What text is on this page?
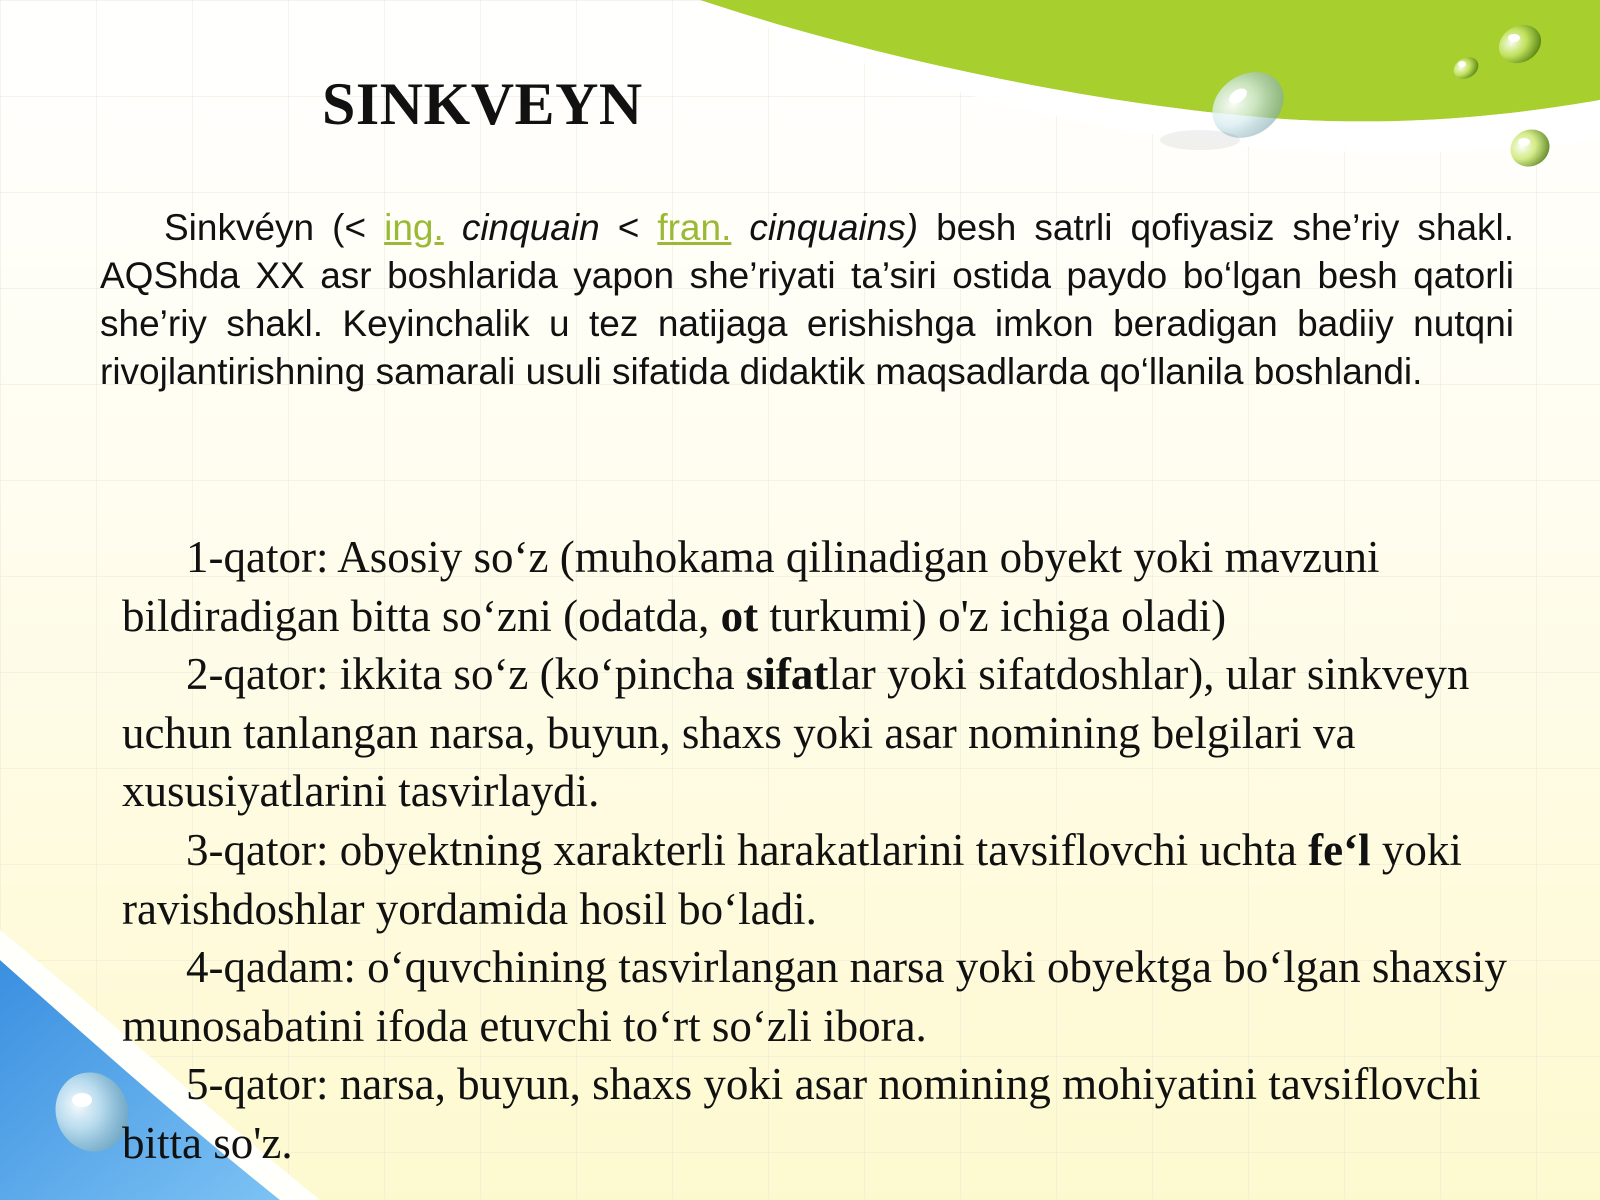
SINKVEYN

Sinkvéyn (< ing. cinquain < fran. cinquains) besh satrli qofiyasiz she’riy shakl. AQShda XX asr boshlarida yapon she’riyati ta’siri ostida paydo bo‘lgan besh qatorli she’riy shakl. Keyinchalik u tez natijaga erishishga imkon beradigan badiiy nutqni rivojlantirishning samarali usuli sifatida didaktik maqsadlarda qo‘llanila boshlandi.

1-qator: Asosiy so‘z (muhokama qilinadigan obyekt yoki mavzuni bildiradigan bitta so‘zni (odatda, ot turkumi) o'z ichiga oladi)

2-qator: ikkita so‘z (ko‘pincha sifatlar yoki sifatdoshlar), ular sinkveyn uchun tanlangan narsa, buyun, shaxs yoki asar nomining belgilari va xususiyatlarini tasvirlaydi.

3-qator: obyektning xarakterli harakatlarini tavsiflovchi uchta fe‘l yoki ravishdoshlar yordamida hosil bo‘ladi.

4-qadam: o‘quvchining tasvirlangan narsa yoki obyektga bo‘lgan shaxsiy munosabatini ifoda etuvchi to‘rt so‘zli ibora.

5-qator: narsa, buyun, shaxs yoki asar nomining mohiyatini tavsiflovchi bitta so'z.
